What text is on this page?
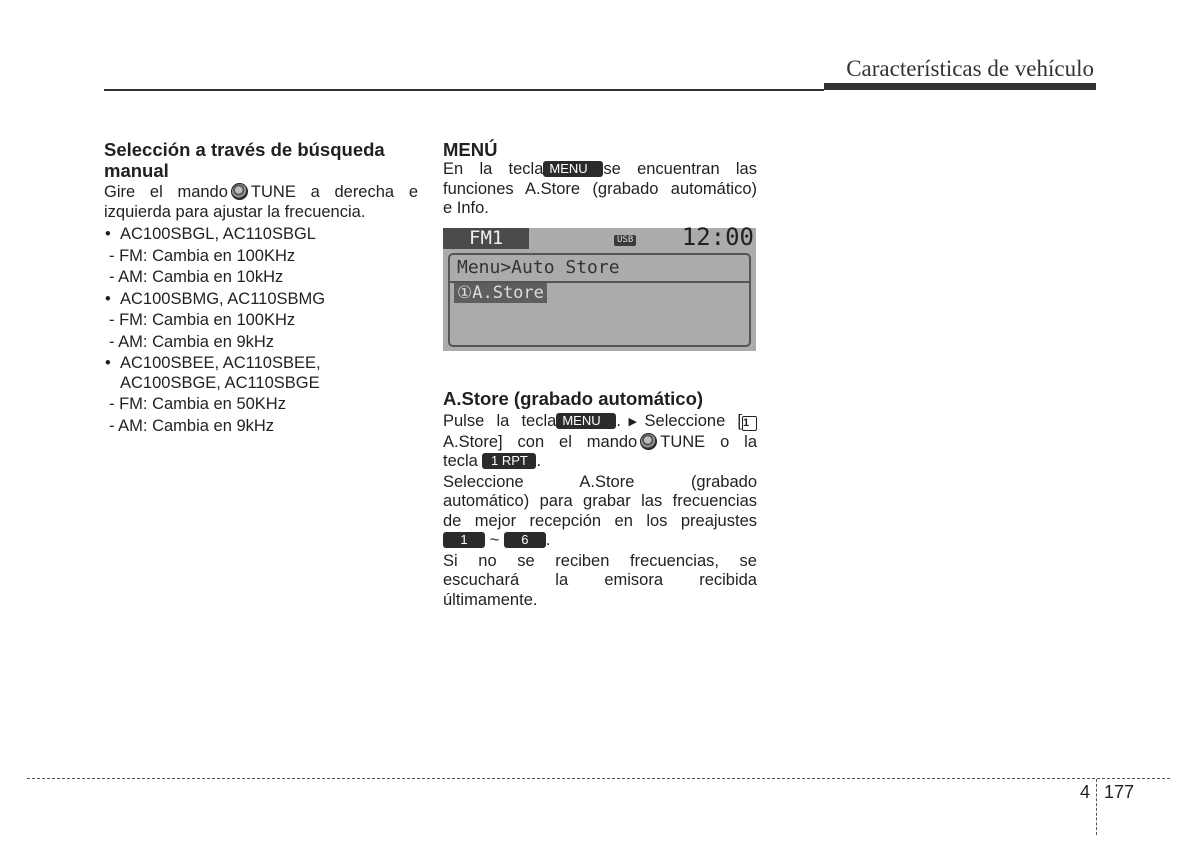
Características de vehículo
Selección a través de búsqueda manual

Gire el mando TUNE a derecha e

izquierda para ajustar la frecuencia.

• AC100SBGL, AC110SBGL

- FM: Cambia en 100KHz

- AM: Cambia en 10kHz

• AC100SBMG, AC110SBMG

- FM: Cambia en 100KHz

- AM: Cambia en 9kHz

• AC100SBEE, AC110SBEE,

AC100SBGE, AC110SBGE

- FM: Cambia en 50KHz

- AM: Cambia en 9kHz

MENÚ

En la tecla MENU se encuentran las

funciones A.Store (grabado automático)

e Info.

FM1	USB 12:00
Menu>Auto Store
①A.Store
A.Store (grabado automático)

Pulse la tecla MENU .▶Seleccione [1

A.Store] con el mando TUNE o la

tecla 1 RPT .

Seleccione A.Store (grabado

automático) para grabar las frecuencias

de mejor recepción en los preajustes

1 ~ 6 .

Si no se reciben frecuencias, se

escuchará la emisora recibida

últimamente.

4 177
